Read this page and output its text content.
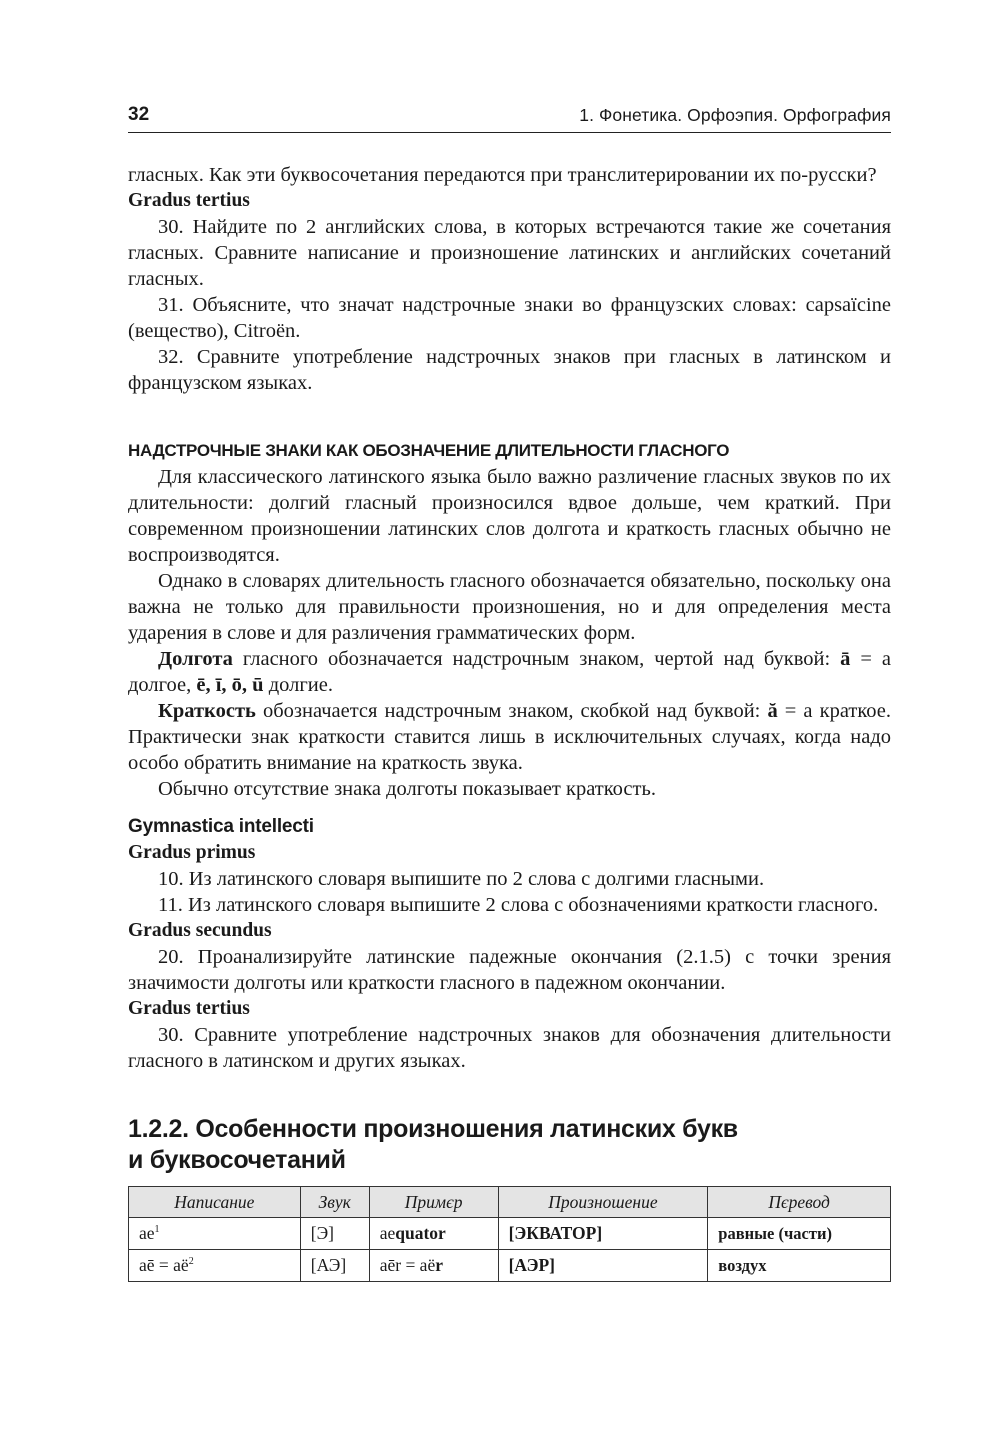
32	1. Фонетика. Орфоэпия. Орфография

гласных. Как эти буквосочетания передаются при транслитерировании их по-русски?

Gradus tertius

30. Найдите по 2 английских слова, в которых встречаются такие же сочетания гласных. Сравните написание и произношение латинских и английских сочетаний гласных.

31. Объясните, что значат надстрочные знаки во французских словах: capsaïcine (вещество), Citroën.

32. Сравните употребление надстрочных знаков при гласных в латинском и французском языках.

НАДСТРОЧНЫЕ ЗНАКИ КАК ОБОЗНАЧЕНИЕ ДЛИТЕЛЬНОСТИ ГЛАСНОГО

Для классического латинского языка было важно различение гласных звуков по их длительности: долгий гласный произносился вдвое дольше, чем краткий. При современном произношении латинских слов долгота и краткость гласных обычно не воспроизводятся.

Однако в словарях длительность гласного обозначается обязательно, поскольку она важна не только для правильности произношения, но и для определения места ударения в слове и для различения грамматических форм.

Долгота гласного обозначается надстрочным знаком, чертой над буквой: ā = а долгое, ē, ī, ō, ū долгие.

Краткость обозначается надстрочным знаком, скобкой над буквой: ă = а краткое. Практически знак краткости ставится лишь в исключительных случаях, когда надо особо обратить внимание на краткость звука.

Обычно отсутствие знака долготы показывает краткость.

Gymnastica intellecti
Gradus primus

10. Из латинского словаря выпишите по 2 слова с долгими гласными.

11. Из латинского словаря выпишите 2 слова с обозначениями краткости гласного.

Gradus secundus

20. Проанализируйте латинские падежные окончания (2.1.5) с точки зрения значимости долготы или краткости гласного в падежном окончании.

Gradus tertius

30. Сравните употребление надстрочных знаков для обозначения длительности гласного в латинском и других языках.

1.2.2. Особенности произношения латинских букв
и буквосочетаний
Написание	Звук	Примєр	Произношение	Пєревод
$ae^1$	[Э]	aequator	[ЭКВАТОР]	равные (части)
aē = $aë^2$	[АЭ]	aēr = aër	[АЭР]	воздух
